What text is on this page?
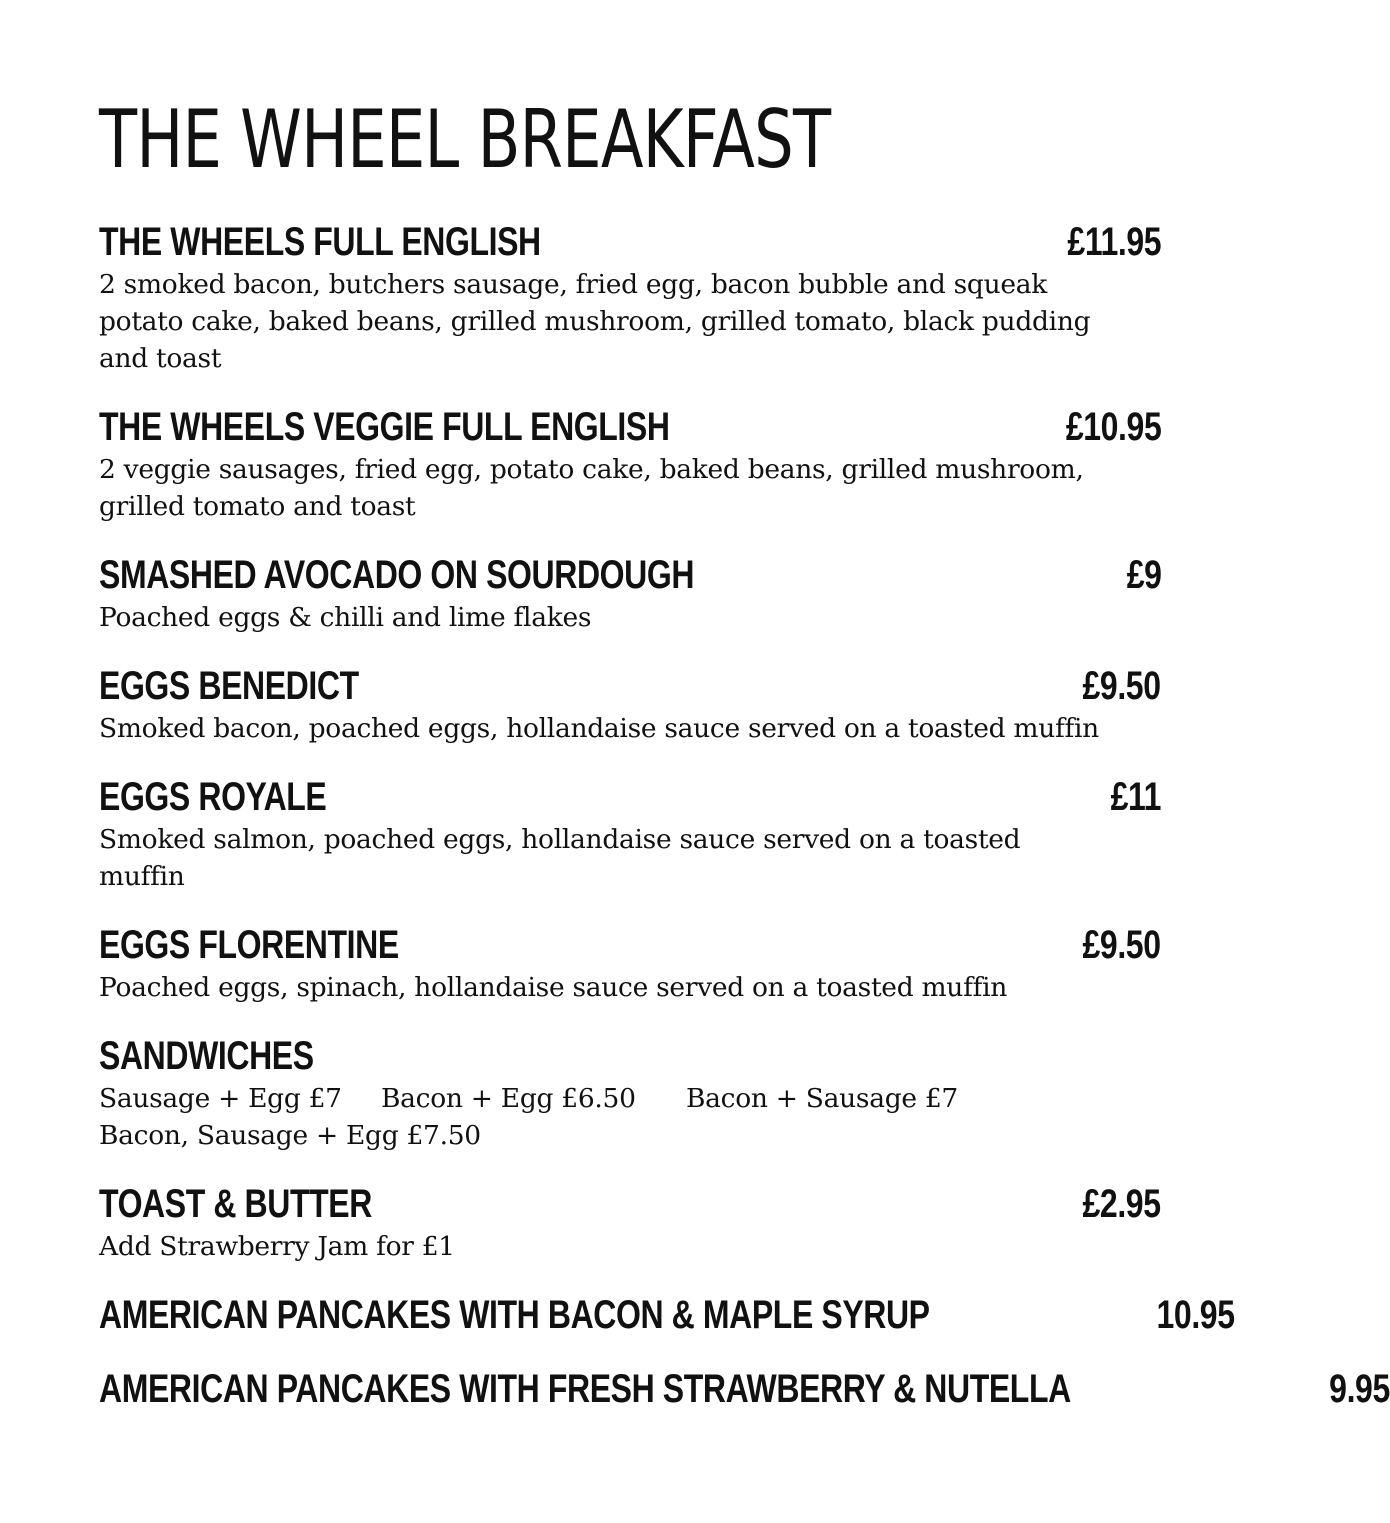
THE WHEEL BREAKFAST
THE WHEELS FULL ENGLISH	£11.95

2 smoked bacon, butchers sausage, fried egg, bacon bubble and squeak potato cake, baked beans, grilled mushroom, grilled tomato, black pudding and toast

THE WHEELS VEGGIE FULL ENGLISH	£10.95

2 veggie sausages, fried egg, potato cake, baked beans, grilled mushroom, grilled tomato and toast

SMASHED AVOCADO ON SOURDOUGH	£9

Poached eggs & chilli and lime flakes

EGGS BENEDICT	£9.50

Smoked bacon, poached eggs, hollandaise sauce served on a toasted muffin

EGGS ROYALE	£11

Smoked salmon, poached eggs, hollandaise sauce served on a toasted muffin

EGGS FLORENTINE	£9.50

Poached eggs, spinach, hollandaise sauce served on a toasted muffin

SANDWICHES
Sausage + Egg £7 Bacon + Egg £6.50 Bacon + Sausage £7
Bacon, Sausage + Egg £7.50
TOAST & BUTTER	£2.95

Add Strawberry Jam for £1

AMERICAN PANCAKES WITH BACON & MAPLE SYRUP	10.95
AMERICAN PANCAKES WITH FRESH STRAWBERRY & NUTELLA	9.95
